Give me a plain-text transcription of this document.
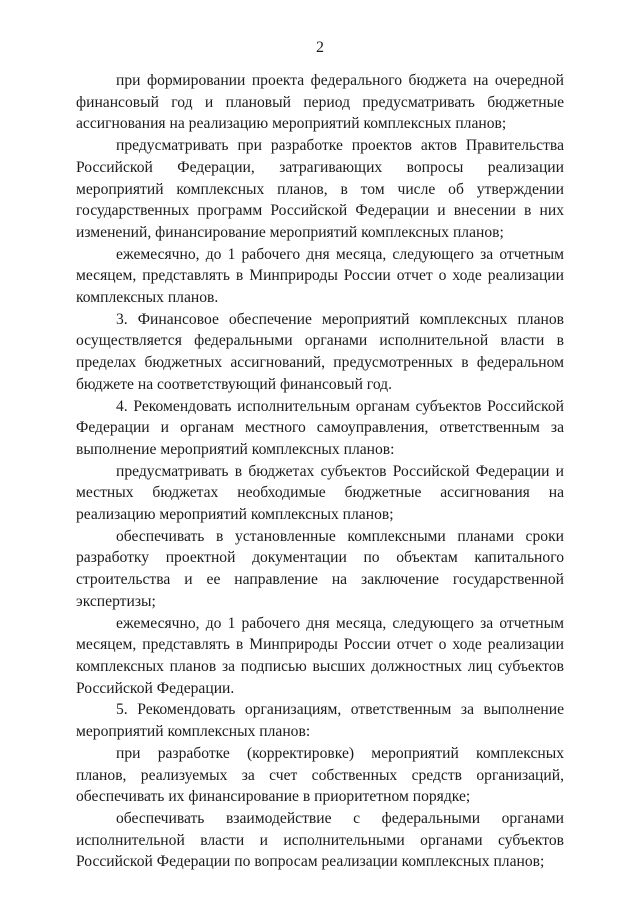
2

при формировании проекта федерального бюджета на очередной финансовый год и плановый период предусматривать бюджетные ассигнования на реализацию мероприятий комплексных планов;

предусматривать при разработке проектов актов Правительства Российской Федерации, затрагивающих вопросы реализации мероприятий комплексных планов, в том числе об утверждении государственных программ Российской Федерации и внесении в них изменений, финансирование мероприятий комплексных планов;

ежемесячно, до 1 рабочего дня месяца, следующего за отчетным месяцем, представлять в Минприроды России отчет о ходе реализации комплексных планов.

3. Финансовое обеспечение мероприятий комплексных планов осуществляется федеральными органами исполнительной власти в пределах бюджетных ассигнований, предусмотренных в федеральном бюджете на соответствующий финансовый год.

4. Рекомендовать исполнительным органам субъектов Российской Федерации и органам местного самоуправления, ответственным за выполнение мероприятий комплексных планов:

предусматривать в бюджетах субъектов Российской Федерации и местных бюджетах необходимые бюджетные ассигнования на реализацию мероприятий комплексных планов;

обеспечивать в установленные комплексными планами сроки разработку проектной документации по объектам капитального строительства и ее направление на заключение государственной экспертизы;

ежемесячно, до 1 рабочего дня месяца, следующего за отчетным месяцем, представлять в Минприроды России отчет о ходе реализации комплексных планов за подписью высших должностных лиц субъектов Российской Федерации.

5. Рекомендовать организациям, ответственным за выполнение мероприятий комплексных планов:

при разработке (корректировке) мероприятий комплексных планов, реализуемых за счет собственных средств организаций, обеспечивать их финансирование в приоритетном порядке;

обеспечивать взаимодействие с федеральными органами исполнительной власти и исполнительными органами субъектов Российской Федерации по вопросам реализации комплексных планов;
